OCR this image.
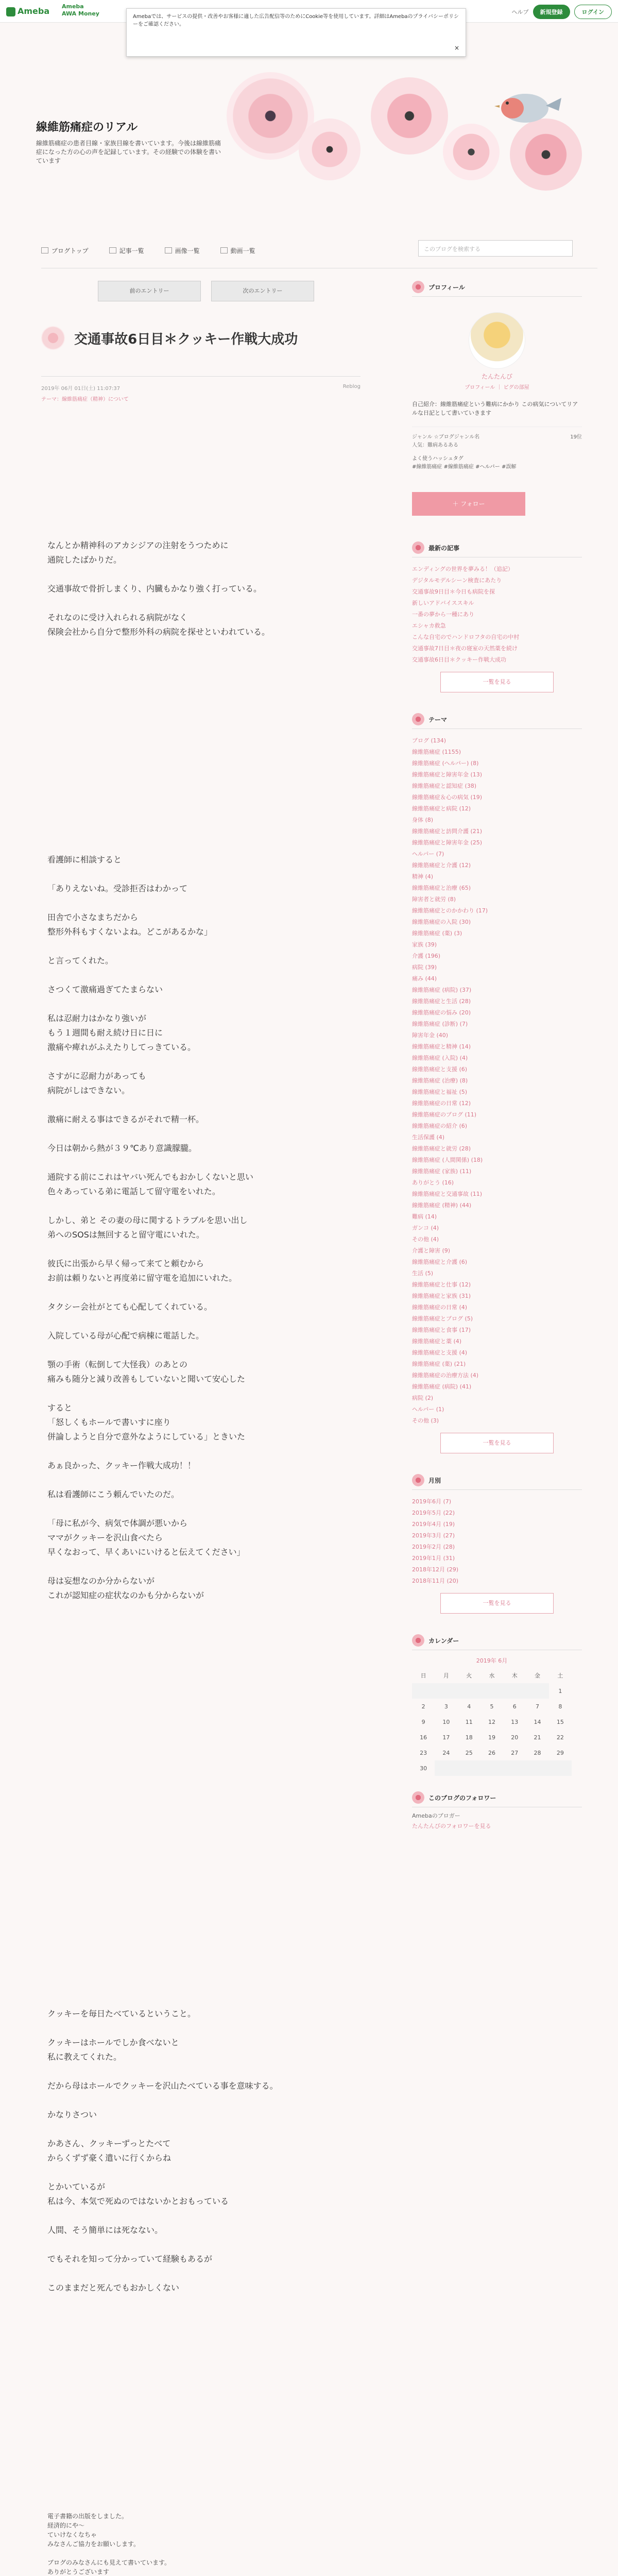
Ameba Ameba
AWA Money	ヘルプ	新規登録	ログイン
Amebaでは、サービスの提供・改善やお客様に適した広告配信等のためにCookie等を使用しています。詳細はAmebaのプライバシーポリシーをご確認ください。
×
線維筋痛症のリアル
線維筋痛症の患者目線・家族目線を書いています。今後は線維筋痛症になった方の心の声を記録しています。その経験での体験を書いています
ブログトップ	記事一覧	画像一覧	動画一覧	このブログを検索する
前のエントリー	次のエントリー
交通事故6日目＊クッキー作戦大成功
2019年 06月 01日(土) 11:07:37	Reblog
テーマ：線維筋痛症（精神）について

なんとか精神科のアカシジアの注射をうつために
通院したばかりだ。

交通事故で骨折しまくり、内臓もかなり強く打っている。

それなのに受け入れられる病院がなく
保険会社から自分で整形外科の病院を探せといわれている。

看護師に相談すると

「ありえないね。受診拒否はわかって

田舎で小さなまちだから
整形外科もすくないよね。どこがあるかな」

と言ってくれた。

さつくて激痛過ぎてたまらない

私は忍耐力はかなり強いが
もう１週間も耐え続け日に日に
激痛や痺れがふえたりしてっきている。

さすがに忍耐力があっても
病院がしはできない。

激痛に耐える事はできるがそれで精一杯。

今日は朝から熱が３９℃あり意識朦朧。

通院する前にこれはヤバい死んでもおかしくないと思い
色々あっている弟に電話して留守電をいれた。

しかし、弟と その妻の母に関するトラブルを思い出し
弟へのSOSは無回すると留守電にいれた。

彼氏に出張から早く帰って来てと頼むから
お前は頼りないと再度弟に留守電を追加にいれた。

タクシー会社がとても心配してくれている。

入院している母が心配で病棟に電話した。

顎の手術（転倒して大怪我）のあとの
痛みも随分と減り改善もしていないと聞いて安心した

すると
「怒しくもホールで書いすに座り
併論しようと自分で意外なようにしている」ときいた

あぁ良かった、クッキー作戦大成功！！

私は看護師にこう頼んでいたのだ。

「母に私が今、病気で体調が悪いから
ママがクッキーを沢山食べたら
早くなおって、早くあいにいけると伝えてください」

母は妄想なのか分からないが
これが認知症の症状なのかも分からないが

クッキーを毎日たべているということ。

クッキーはホールでしか食べないと
私に教えてくれた。

だから母はホールでクッキーを沢山たべている事を意味する。

かなりさつい

かあさん、クッキーずっとたべて
からくずず豪く遣いに行くからね

とかいているが
私は今、本気で死ぬのではないかとおもっている

人間、そう簡単には死なない。

でもそれを知って分かっていて経験もあるが

このままだと死んでもおかしくない

電子書籍の出版をしました。
経済的にや〜
ていけなくなちゃ
みなさんご協力をお願いします。
ブログのみなさんにも見えて書いています。
ありがとうございます
プロフィール
たんたんび
プロフィール ｜ ピグの部屋
自己紹介：線維筋痛症という難病にかかり この病気についてリアルな日記として書いていきます
ジャンル ☆ブログジャンル名
人気：難病あるある
19位
よく使うハッシュタグ
#線維筋痛症 #線維筋痛症 #ヘルパー #誤解
＋ フォロー
最新の記事
エンディングの世界を夢みる！（追記）
デジタルモデルシーン検査にあたり
交通事故9日目＊今日も病院を探
新しいアドバイススキル
一番の夢から一種にあり
エシャカ救急
こんな自宅のでハンドロフタの自宅の中村
交通事故7日目＊夜の寝室の天然薬を続け
交通事故6日目＊クッキー作戦大成功
一覧を見る
テーマ
ブログ (134)
線維筋痛症 (1155)
線維筋痛症 (ヘルパー) (8)
線維筋痛症と障害年金 (13)
線維筋痛症と認知症 (38)
線維筋痛症＆心の病気 (19)
線維筋痛症と病院 (12)
身体 (8)
線維筋痛症と訪問介護 (21)
線維筋痛症と障害年金 (25)
ヘルパー (7)
線維筋痛症と介護 (12)
精神 (4)
線維筋痛症と治療 (65)
障害者と就労 (8)
線維筋痛症とのかかわり (17)
線維筋痛症の入院 (30)
線維筋痛症 (薬) (3)
家族 (39)
介護 (196)
病院 (39)
痛み (44)
線維筋痛症 (病院) (37)
線維筋痛症と生活 (28)
線維筋痛症の悩み (20)
線維筋痛症 (診断) (7)
障害年金 (40)
線維筋痛症と精神 (14)
線維筋痛症 (入院) (4)
線維筋痛症と支援 (6)
線維筋痛症 (治療) (8)
線維筋痛症と福祉 (5)
線維筋痛症の日常 (12)
線維筋痛症のブログ (11)
線維筋痛症の紹介 (6)
生活保護 (4)
線維筋痛症と就労 (28)
線維筋痛症 (人間関係) (18)
線維筋痛症 (家族) (11)
ありがとう (16)
線維筋痛症と交通事故 (11)
線維筋痛症 (精神) (44)
難病 (14)
ガンコ (4)
その他 (4)
介護と障害 (9)
線維筋痛症と介護 (6)
生活 (5)
線維筋痛症と仕事 (12)
線維筋痛症と家族 (31)
線維筋痛症の日常 (4)
線維筋痛症とブログ (5)
線維筋痛症と食事 (17)
線維筋痛症と薬 (4)
線維筋痛症と支援 (4)
線維筋痛症 (薬) (21)
線維筋痛症の治療方法 (4)
線維筋痛症 (病院) (41)
病院 (2)
ヘルパー (1)
その他 (3)
一覧を見る
月別
2019年6月 (7)
2019年5月 (22)
2019年4月 (19)
2019年3月 (27)
2019年2月 (28)
2019年1月 (31)
2018年12月 (29)
2018年11月 (20)
一覧を見る
カレンダー
2019年 6月
日	月	火	水	木	金	土
						1
2	3	4	5	6	7	8
9	10	11	12	13	14	15
16	17	18	19	20	21	22
23	24	25	26	27	28	29
30						
このブログのフォロワー
Amebaのブロガー
たんたんびのフォロワーを見る
